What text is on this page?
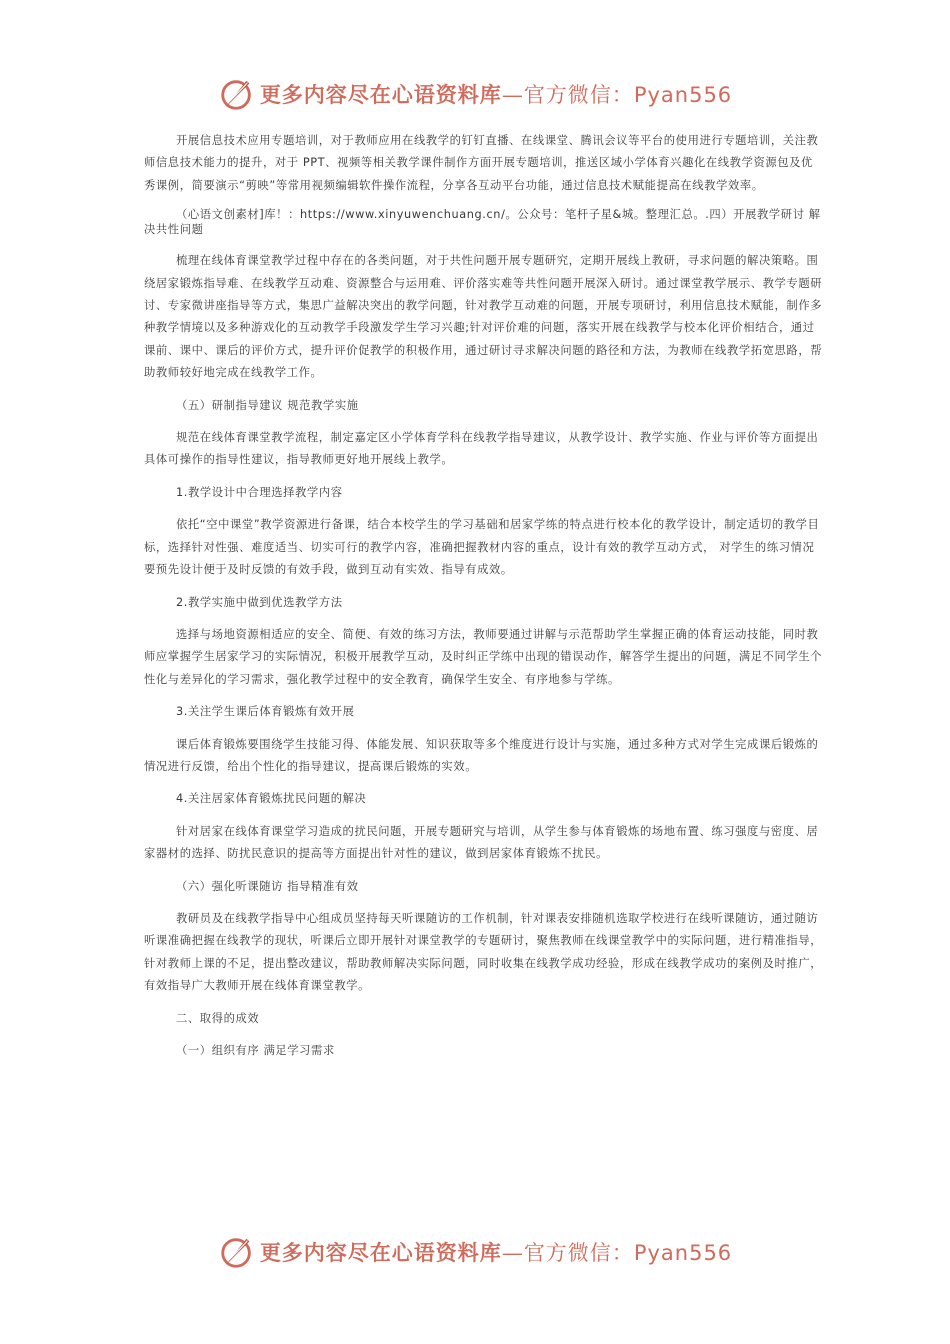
更多内容尽在心语资料库—官方微信：Pyan556

开展信息技术应用专题培训，对于教师应用在线教学的钉钉直播、在线课堂、腾讯会议等平台的使用进行专题培训，关注教师信息技术能力的提升，对于 PPT、视频等相关教学课件制作方面开展专题培训，推送区域小学体育兴趣化在线教学资源包及优秀课例，简要演示“剪映”等常用视频编辑软件操作流程，分享各互动平台功能，通过信息技术赋能提高在线教学效率。

（心语文创素材]库！：https://www.xinyuwenchuang.cn/。公众号：笔杆子星&城。整理汇总。.四）开展教学研讨 解决共性问题

梳理在线体育课堂教学过程中存在的各类问题，对于共性问题开展专题研究，定期开展线上教研，寻求问题的解决策略。围绕居家锻炼指导难、在线教学互动难、资源整合与运用难、评价落实难等共性问题开展深入研讨。通过课堂教学展示、教学专题研讨、专家微讲座指导等方式，集思广益解决突出的教学问题，针对教学互动难的问题，开展专项研讨，利用信息技术赋能，制作多种教学情境以及多种游戏化的互动教学手段激发学生学习兴趣;针对评价难的问题，落实开展在线教学与校本化评价相结合，通过课前、课中、课后的评价方式，提升评价促教学的积极作用，通过研讨寻求解决问题的路径和方法，为教师在线教学拓宽思路，帮助教师较好地完成在线教学工作。

（五）研制指导建议 规范教学实施

规范在线体育课堂教学流程，制定嘉定区小学体育学科在线教学指导建议，从教学设计、教学实施、作业与评价等方面提出具体可操作的指导性建议，指导教师更好地开展线上教学。

1.教学设计中合理选择教学内容

依托“空中课堂”教学资源进行备课，结合本校学生的学习基础和居家学练的特点进行校本化的教学设计，制定适切的教学目标，选择针对性强、难度适当、切实可行的教学内容，准确把握教材内容的重点，设计有效的教学互动方式， 对学生的练习情况要预先设计便于及时反馈的有效手段，做到互动有实效、指导有成效。

2.教学实施中做到优选教学方法

选择与场地资源相适应的安全、简便、有效的练习方法，教师要通过讲解与示范帮助学生掌握正确的体育运动技能，同时教师应掌握学生居家学习的实际情况，积极开展教学互动，及时纠正学练中出现的错误动作，解答学生提出的问题，满足不同学生个性化与差异化的学习需求，强化教学过程中的安全教育，确保学生安全、有序地参与学练。

3.关注学生课后体育锻炼有效开展

课后体育锻炼要围绕学生技能习得、体能发展、知识获取等多个维度进行设计与实施，通过多种方式对学生完成课后锻炼的情况进行反馈，给出个性化的指导建议，提高课后锻炼的实效。

4.关注居家体育锻炼扰民问题的解决

针对居家在线体育课堂学习造成的扰民问题，开展专题研究与培训，从学生参与体育锻炼的场地布置、练习强度与密度、居家器材的选择、防扰民意识的提高等方面提出针对性的建议，做到居家体育锻炼不扰民。

（六）强化听课随访 指导精准有效

教研员及在线教学指导中心组成员坚持每天听课随访的工作机制，针对课表安排随机选取学校进行在线听课随访，通过随访听课准确把握在线教学的现状，听课后立即开展针对课堂教学的专题研讨，聚焦教师在线课堂教学中的实际问题，进行精准指导，针对教师上课的不足，提出整改建议，帮助教师解决实际问题，同时收集在线教学成功经验，形成在线教学成功的案例及时推广，有效指导广大教师开展在线体育课堂教学。

二、取得的成效

（一）组织有序 满足学习需求

更多内容尽在心语资料库—官方微信：Pyan556
